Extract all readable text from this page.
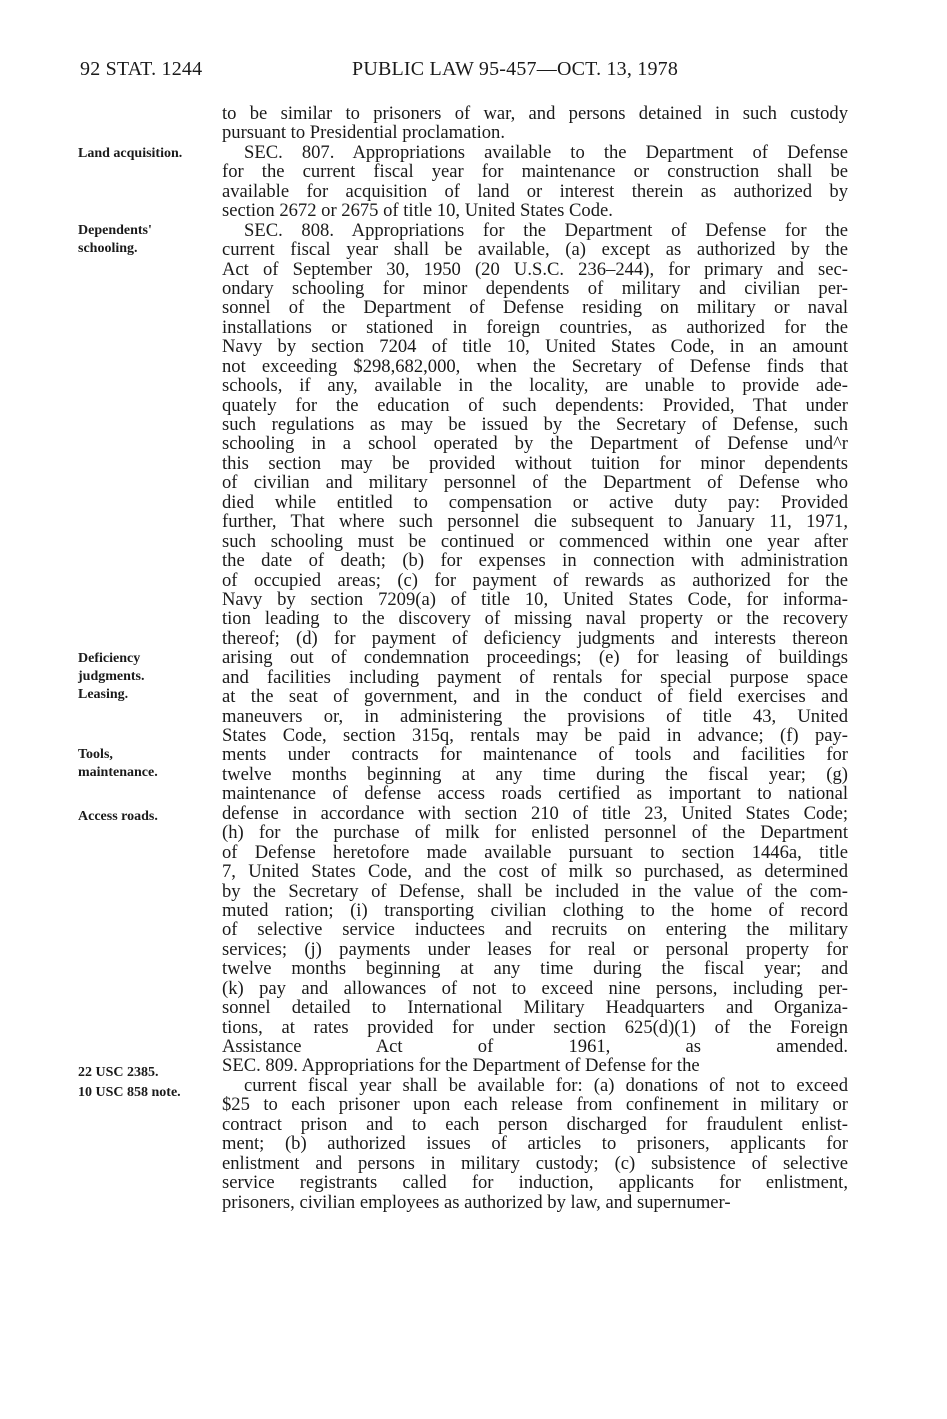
92 STAT. 1244	PUBLIC LAW 95-457—OCT. 13, 1978
Land acquisition.
Dependents'
schooling.
Deficiency
judgments.
Leasing.
Tools,
maintenance.
Access roads.
22 USC 2385.
10 USC 858 note.
to be similar to prisoners of war, and persons detained in such custody
pursuant to Presidential proclamation.
SEC. 807. Appropriations available to the Department of Defense
for the current fiscal year for maintenance or construction shall be
available for acquisition of land or interest therein as authorized by
section 2672 or 2675 of title 10, United States Code.
SEC. 808. Appropriations for the Department of Defense for the
current fiscal year shall be available, (a) except as authorized by the
Act of September 30, 1950 (20 U.S.C. 236–244), for primary and sec-
ondary schooling for minor dependents of military and civilian per-
sonnel of the Department of Defense residing on military or naval
installations or stationed in foreign countries, as authorized for the
Navy by section 7204 of title 10, United States Code, in an amount
not exceeding $298,682,000, when the Secretary of Defense finds that
schools, if any, available in the locality, are unable to provide ade-
quately for the education of such dependents: Provided, That under
such regulations as may be issued by the Secretary of Defense, such
schooling in a school operated by the Department of Defense und^r
this section may be provided without tuition for minor dependents
of civilian and military personnel of the Department of Defense who
died while entitled to compensation or active duty pay: Provided
further, That where such personnel die subsequent to January 11, 1971,
such schooling must be continued or commenced within one year after
the date of death; (b) for expenses in connection with administration
of occupied areas; (c) for payment of rewards as authorized for the
Navy by section 7209(a) of title 10, United States Code, for informa-
tion leading to the discovery of missing naval property or the recovery
thereof; (d) for payment of deficiency judgments and interests thereon
arising out of condemnation proceedings; (e) for leasing of buildings
and facilities including payment of rentals for special purpose space
at the seat of government, and in the conduct of field exercises and
maneuvers or, in administering the provisions of title 43, United
States Code, section 315q, rentals may be paid in advance; (f) pay-
ments under contracts for maintenance of tools and facilities for
twelve months beginning at any time during the fiscal year; (g)
maintenance of defense access roads certified as important to national
defense in accordance with section 210 of title 23, United States Code;
(h) for the purchase of milk for enlisted personnel of the Department
of Defense heretofore made available pursuant to section 1446a, title
7, United States Code, and the cost of milk so purchased, as determined
by the Secretary of Defense, shall be included in the value of the com-
muted ration; (i) transporting civilian clothing to the home of record
of selective service inductees and recruits on entering the military
services; (j) payments under leases for real or personal property for
twelve months beginning at any time during the fiscal year; and
(k) pay and allowances of not to exceed nine persons, including per-
sonnel detailed to International Military Headquarters and Organiza-
tions, at rates provided for under section 625(d)(1) of the Foreign
Assistance Act of 1961, as amended.
SEC. 809. Appropriations for the Department of Defense for the
current fiscal year shall be available for: (a) donations of not to exceed
$25 to each prisoner upon each release from confinement in military or
contract prison and to each person discharged for fraudulent enlist-
ment; (b) authorized issues of articles to prisoners, applicants for
enlistment and persons in military custody; (c) subsistence of selective
service registrants called for induction, applicants for enlistment,
prisoners, civilian employees as authorized by law, and supernumer-
